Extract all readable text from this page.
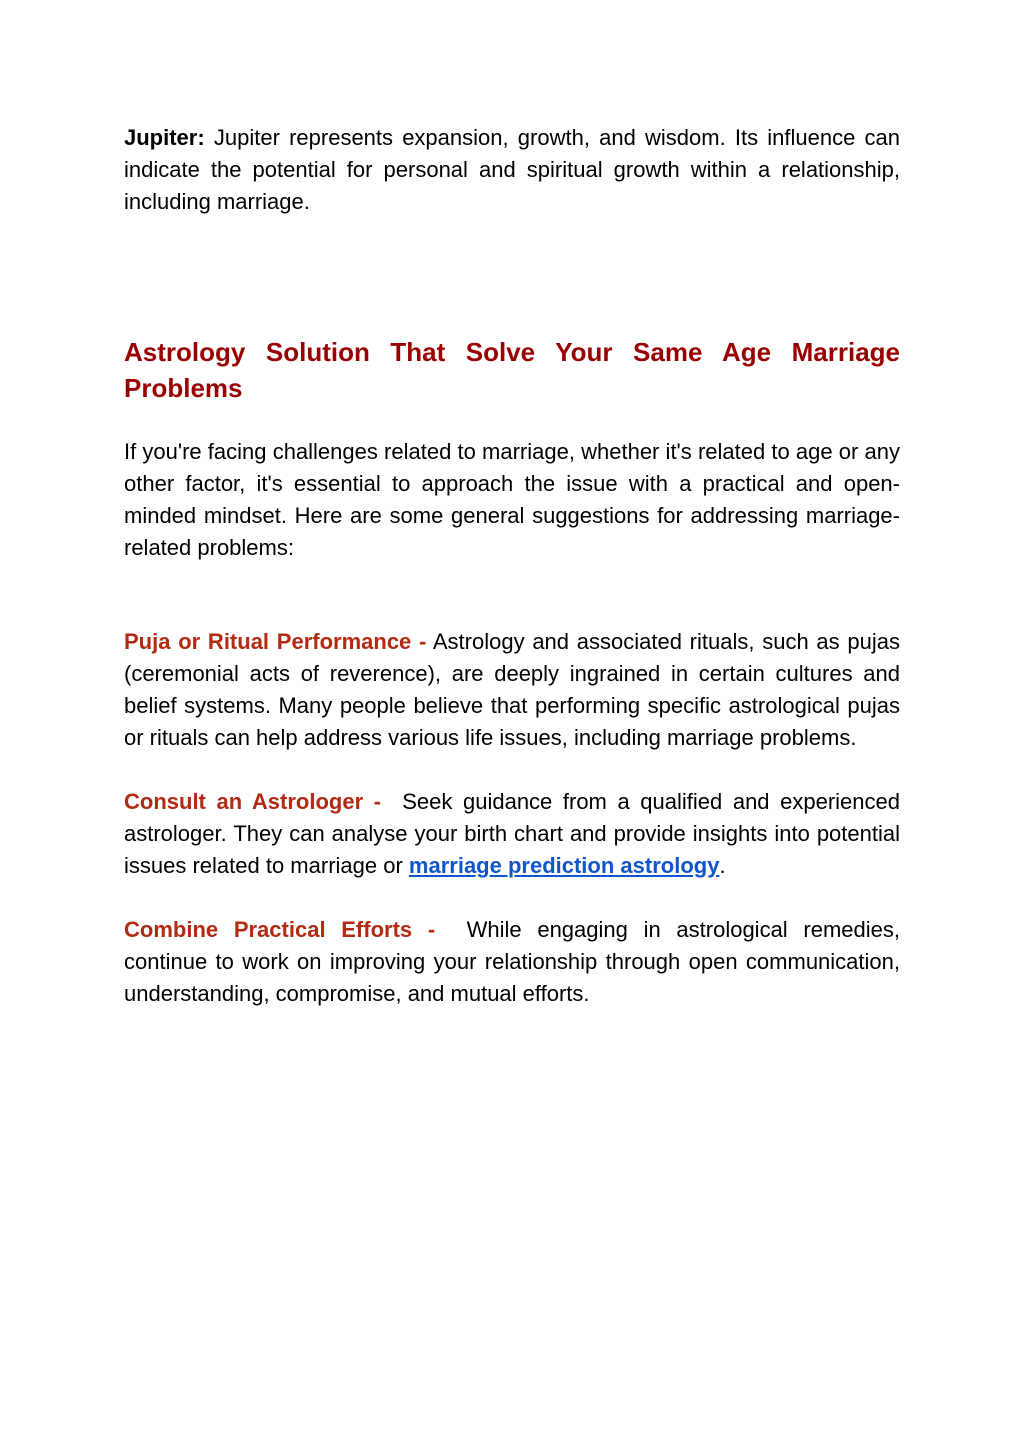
Jupiter: Jupiter represents expansion, growth, and wisdom. Its influence can indicate the potential for personal and spiritual growth within a relationship, including marriage.

Astrology Solution That Solve Your Same Age Marriage Problems

If you're facing challenges related to marriage, whether it's related to age or any other factor, it's essential to approach the issue with a practical and open-minded mindset. Here are some general suggestions for addressing marriage-related problems:

Puja or Ritual Performance - Astrology and associated rituals, such as pujas (ceremonial acts of reverence), are deeply ingrained in certain cultures and belief systems. Many people believe that performing specific astrological pujas or rituals can help address various life issues, including marriage problems.

Consult an Astrologer -  Seek guidance from a qualified and experienced astrologer. They can analyse your birth chart and provide insights into potential issues related to marriage or marriage prediction astrology.

Combine Practical Efforts -  While engaging in astrological remedies, continue to work on improving your relationship through open communication, understanding, compromise, and mutual efforts.
